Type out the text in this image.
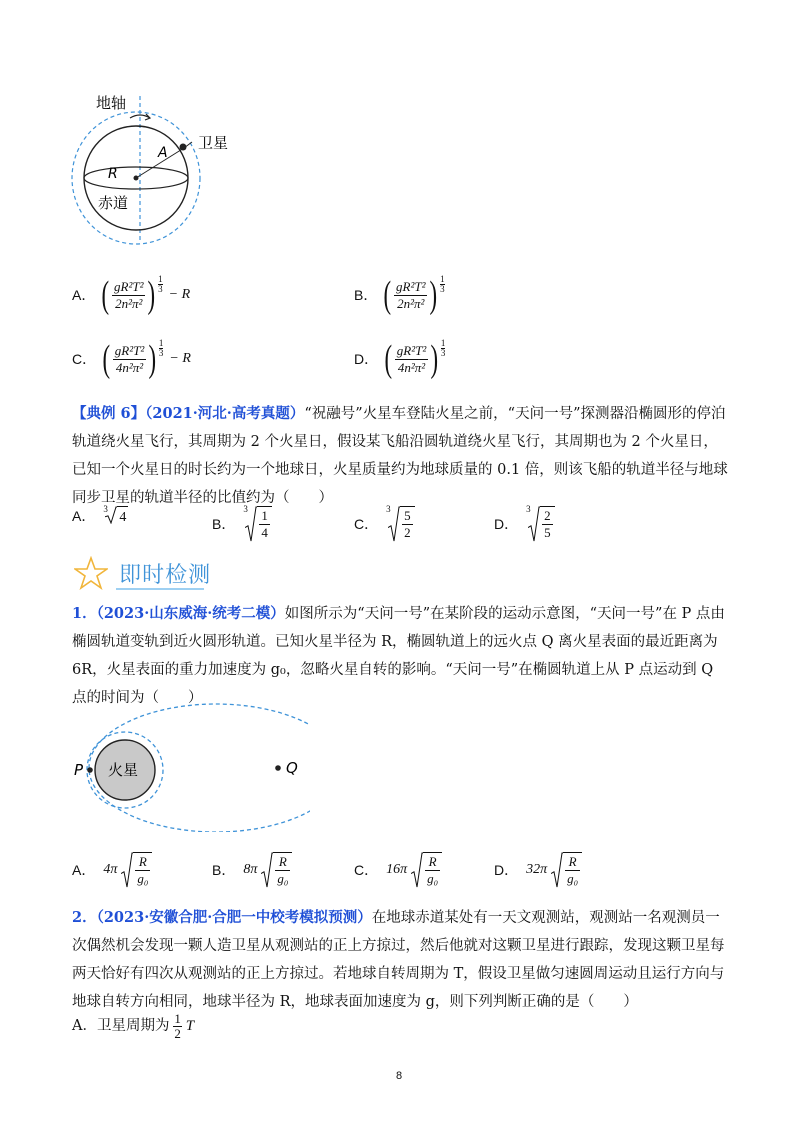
地轴
卫星
A
R
赤道
A． ( $\frac{\text{gR²T²}}{\text{2n²π²}}$ ) $\frac{1}{3}$
− R	B． ( $\frac{\text{gR²T²}}{\text{2n²π²}}$ ) $\frac{1}{3}$
C． ( $\frac{\text{gR²T²}}{\text{4n²π²}}$ ) $\frac{1}{3}$
− R	D． ( $\frac{\text{gR²T²}}{\text{4n²π²}}$ ) $\frac{1}{3}$
【典例 6】（2021·河北·高考真题）“祝融号”火星车登陆火星之前，“天问一号”探测器沿椭圆形的停泊轨道绕火星飞行，其周期为 2 个火星日，假设某飞船沿圆轨道绕火星飞行，其周期也为 2 个火星日，已知一个火星日的时长约为一个地球日，火星质量约为地球质量的 0.1 倍，则该飞船的轨道半径与地球同步卫星的轨道半径的比值约为（　　）
A． 3
4	B．
$3 \frac{1}{4}$	C．
$3 \frac{5}{2}$	D．
$3 \frac{2}{5}$
即时检测
1．（2023·山东威海·统考二模）如图所示为“天问一号”在某阶段的运动示意图，“天问一号”在 P 点由椭圆轨道变轨到近火圆形轨道。已知火星半径为 R，椭圆轨道上的远火点 Q 离火星表面的最近距离为 6R，火星表面的重力加速度为 g₀，忽略火星自转的影响。“天问一号”在椭圆轨道上从 P 点运动到 Q 点的时间为（　　）
P	Q
火星
A． $4\pi \frac{R}{\text{g₀}}$	B． $8\pi \frac{R}{\text{g₀}}$	C． $16\pi \frac{R}{\text{g₀}}$	D． $32\pi \frac{R}{\text{g₀}}$
2．（2023·安徽合肥·合肥一中校考模拟预测）在地球赤道某处有一天文观测站，观测站一名观测员一次偶然机会发现一颗人造卫星从观测站的正上方掠过，然后他就对这颗卫星进行跟踪，发现这颗卫星每两天恰好有四次从观测站的正上方掠过。若地球自转周期为 T，假设卫星做匀速圆周运动且运行方向与地球自转方向相同，地球半径为 R，地球表面加速度为 g，则下列判断正确的是（　　）
A．卫星周期为 $\frac{1}{2}$ T
8
